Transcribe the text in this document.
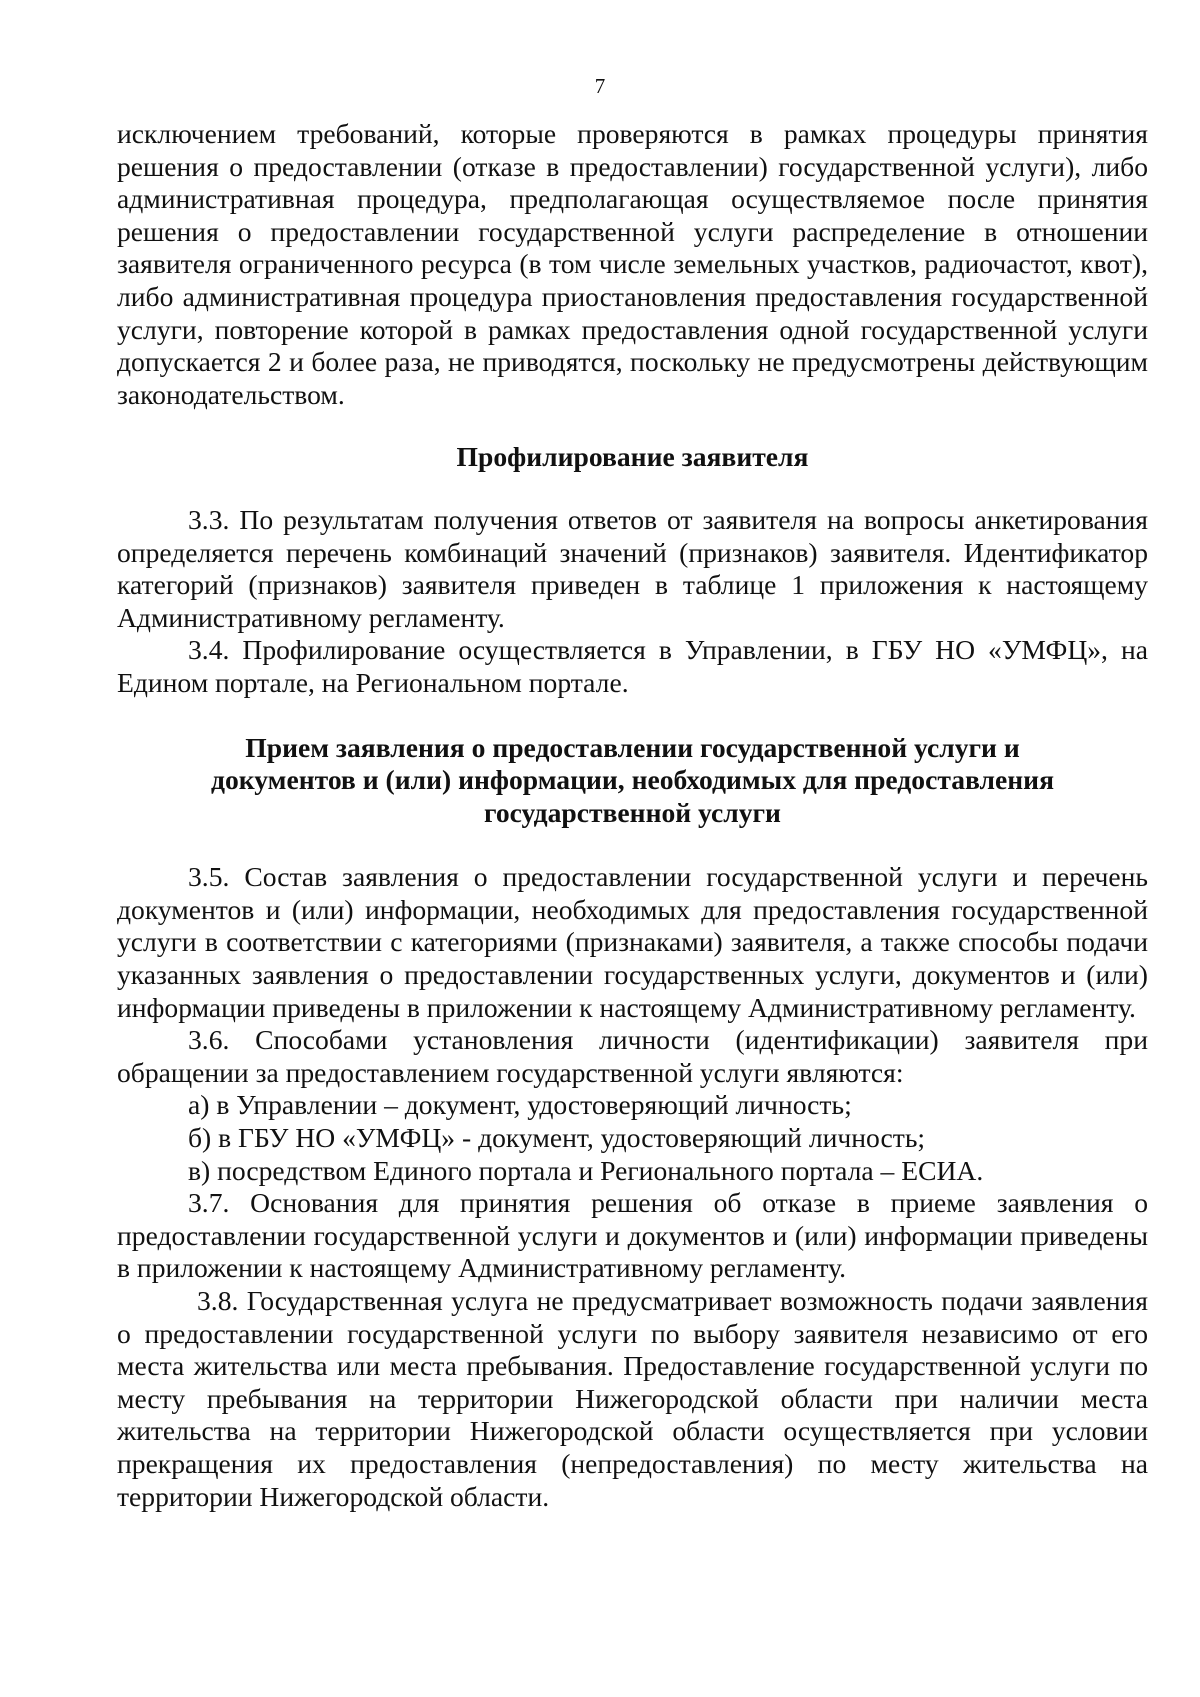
7

исключением требований, которые проверяются в рамках процедуры принятия решения о предоставлении (отказе в предоставлении) государственной услуги), либо административная процедура, предполагающая осуществляемое после принятия решения о предоставлении государственной услуги распределение в отношении заявителя ограниченного ресурса (в том числе земельных участков, радиочастот, квот), либо административная процедура приостановления предоставления государственной услуги, повторение которой в рамках предоставления одной государственной услуги допускается 2 и более раза, не приводятся, поскольку не предусмотрены действующим законодательством.

Профилирование заявителя

3.3. По результатам получения ответов от заявителя на вопросы анкетирования определяется перечень комбинаций значений (признаков) заявителя. Идентификатор категорий (признаков) заявителя приведен в таблице 1 приложения к настоящему Административному регламенту.

3.4. Профилирование осуществляется в Управлении, в ГБУ НО «УМФЦ», на Едином портале, на Региональном портале.

Прием заявления о предоставлении государственной услуги и

документов и (или) информации, необходимых для предоставления

государственной услуги

3.5. Состав заявления о предоставлении государственной услуги и перечень документов и (или) информации, необходимых для предоставления государственной услуги в соответствии с категориями (признаками) заявителя, а также способы подачи указанных заявления о предоставлении государственных услуги, документов и (или) информации приведены в приложении к настоящему Административному регламенту.

3.6. Способами установления личности (идентификации) заявителя при обращении за предоставлением государственной услуги являются:

а) в Управлении – документ, удостоверяющий личность;

б) в ГБУ НО «УМФЦ» - документ, удостоверяющий личность;

в) посредством Единого портала и Регионального портала – ЕСИА.

3.7. Основания для принятия решения об отказе в приеме заявления о предоставлении государственной услуги и документов и (или) информации приведены в приложении к настоящему Административному регламенту.

3.8. Государственная услуга не предусматривает возможность подачи заявления о предоставлении государственной услуги по выбору заявителя независимо от его места жительства или места пребывания. Предоставление государственной услуги по месту пребывания на территории Нижегородской области при наличии места жительства на территории Нижегородской области осуществляется при условии прекращения их предоставления (непредоставления) по месту жительства на территории Нижегородской области.
